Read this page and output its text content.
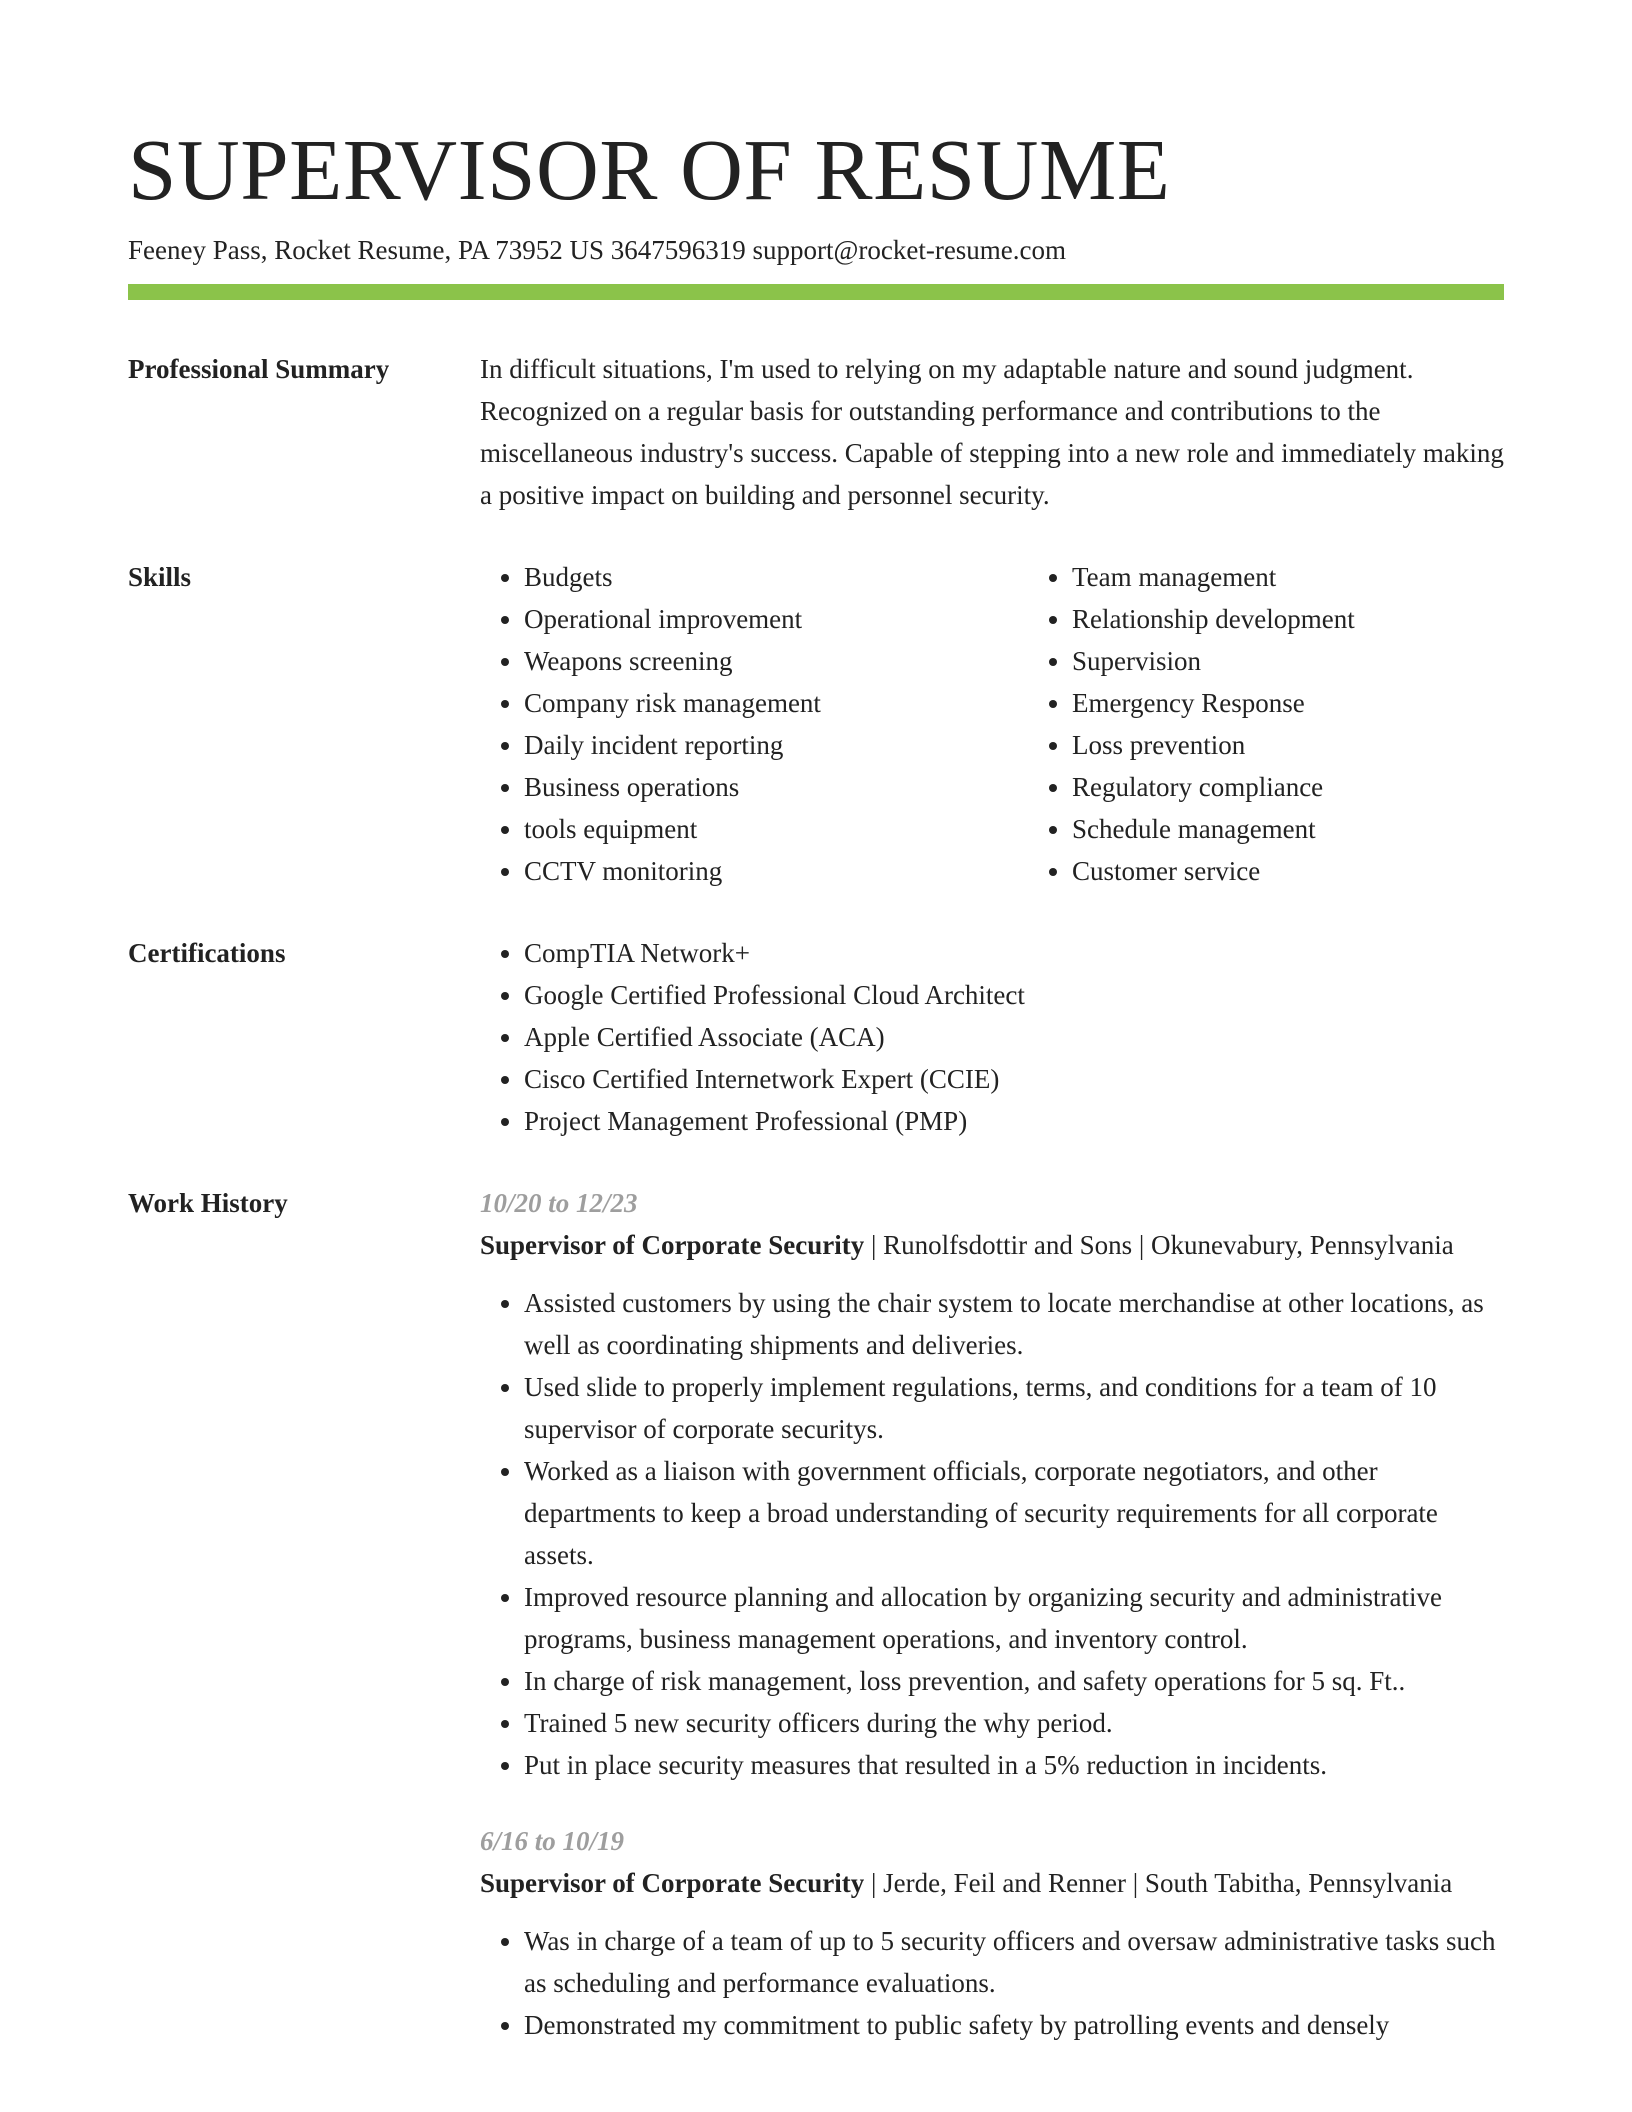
SUPERVISOR OF RESUME
Feeney Pass, Rocket Resume, PA 73952 US 3647596319 support@rocket-resume.com
Professional Summary	In difficult situations, I'm used to relying on my adaptable nature and sound judgment. Recognized on a regular basis for outstanding performance and contributions to the miscellaneous industry's success. Capable of stepping into a new role and immediately making a positive impact on building and personnel security.

Skills	• Budgets
• Operational improvement
• Weapons screening
• Company risk management
• Daily incident reporting
• Business operations
• tools equipment
• CCTV monitoring
• Team management
• Relationship development
• Supervision
• Emergency Response
• Loss prevention
• Regulatory compliance
• Schedule management
• Customer service
Certifications	• CompTIA Network+
• Google Certified Professional Cloud Architect
• Apple Certified Associate (ACA)
• Cisco Certified Internetwork Expert (CCIE)
• Project Management Professional (PMP)
Work History	10/20 to 12/23
Supervisor of Corporate Security | Runolfsdottir and Sons | Okunevabury, Pennsylvania
• Assisted customers by using the chair system to locate merchandise at other locations, as well as coordinating shipments and deliveries.
• Used slide to properly implement regulations, terms, and conditions for a team of 10 supervisor of corporate securitys.
• Worked as a liaison with government officials, corporate negotiators, and other departments to keep a broad understanding of security requirements for all corporate assets.
• Improved resource planning and allocation by organizing security and administrative programs, business management operations, and inventory control.
• In charge of risk management, loss prevention, and safety operations for 5 sq. Ft..
• Trained 5 new security officers during the why period.
• Put in place security measures that resulted in a 5% reduction in incidents.
6/16 to 10/19
Supervisor of Corporate Security | Jerde, Feil and Renner | South Tabitha, Pennsylvania
• Was in charge of a team of up to 5 security officers and oversaw administrative tasks such as scheduling and performance evaluations.
• Demonstrated my commitment to public safety by patrolling events and densely
